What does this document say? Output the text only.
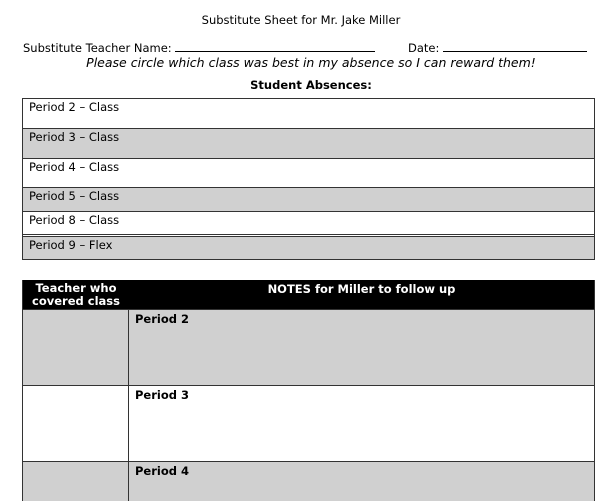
Substitute Sheet for Mr. Jake Miller
Substitute Teacher Name:	Date:
Please circle which class was best in my absence so I can reward them!
Student Absences:
Period 2 – Class
Period 3 – Class
Period 4 – Class
Period 5 – Class
Period 8 – Class
Period 9 – Flex
Teacher who covered class
NOTES for Miller to follow up
Period 2
Period 3
Period 4
